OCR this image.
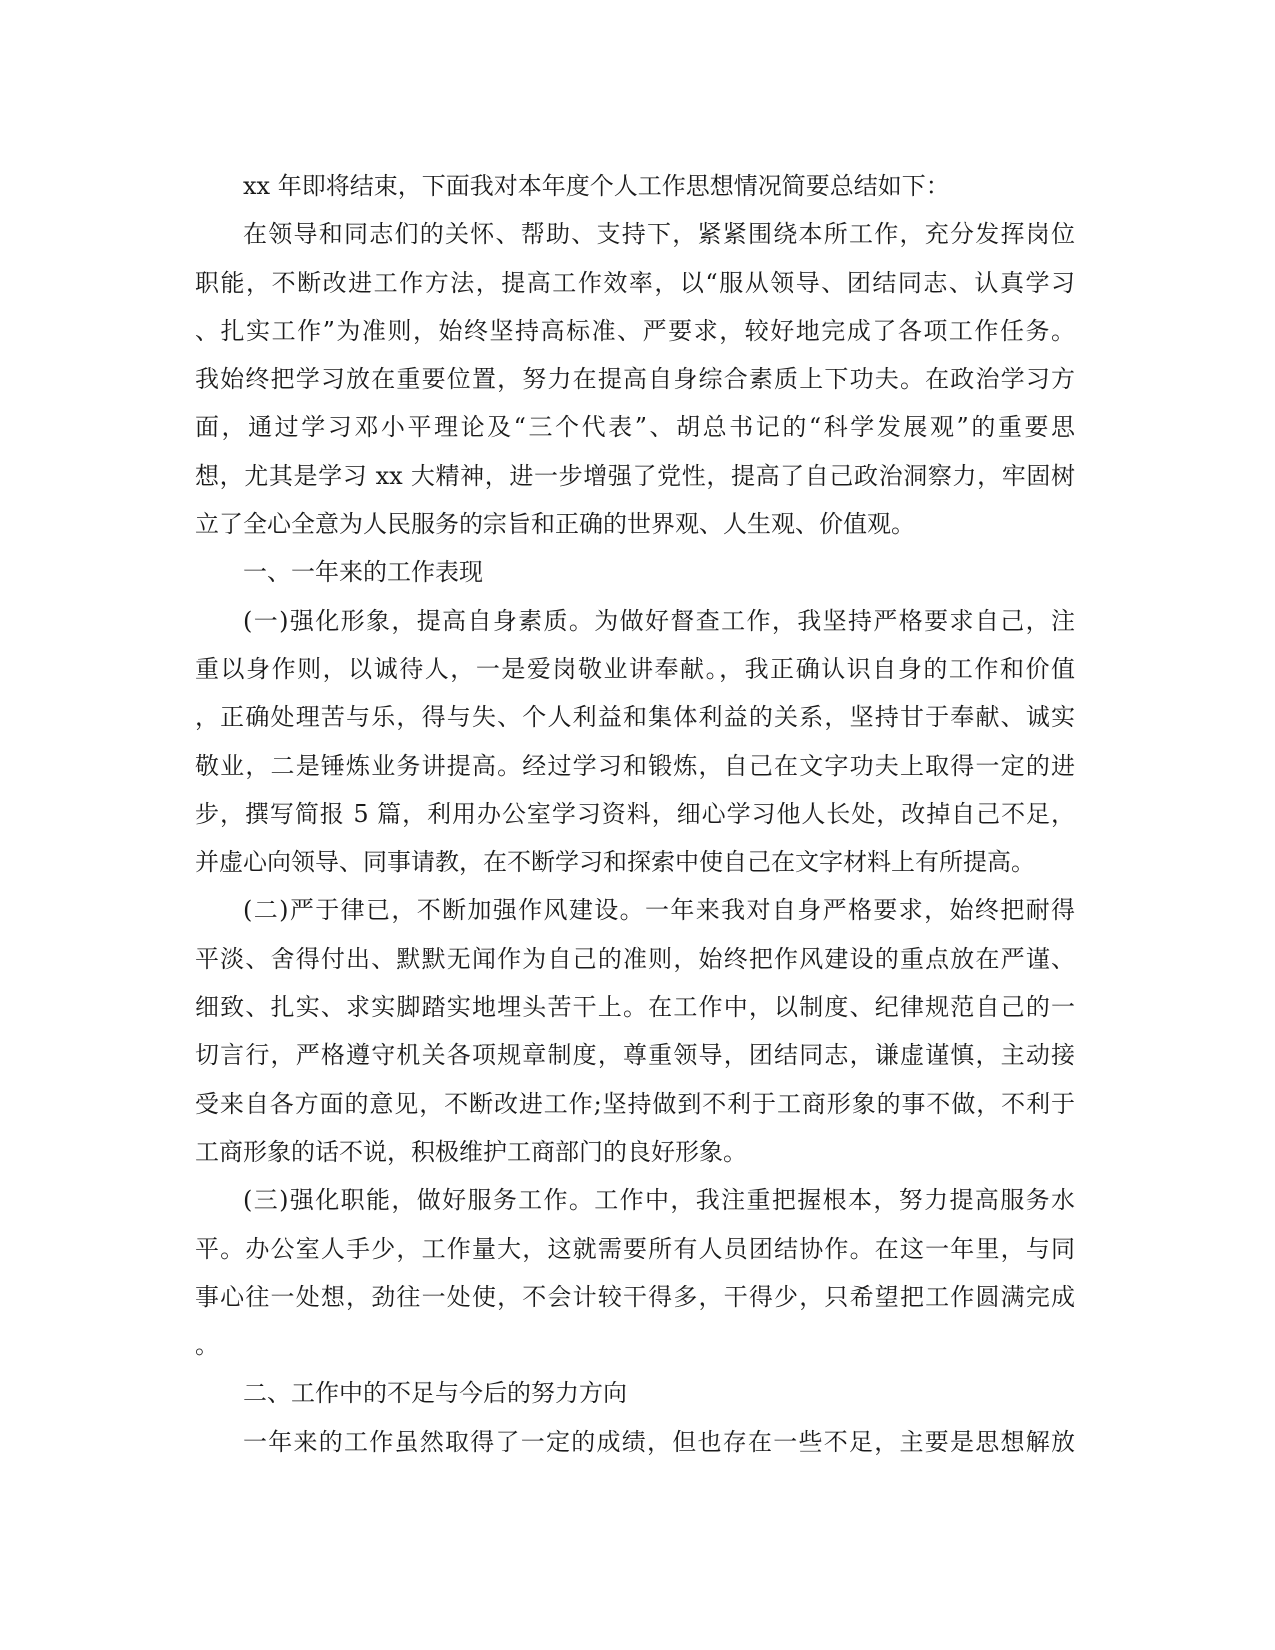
xx 年即将结束，下面我对本年度个人工作思想情况简要总结如下：
在领导和同志们的关怀、帮助、支持下，紧紧围绕本所工作，充分发挥岗位
职能，不断改进工作方法，提高工作效率，以“服从领导、团结同志、认真学习
、扎实工作”为准则，始终坚持高标准、严要求，较好地完成了各项工作任务。
我始终把学习放在重要位置，努力在提高自身综合素质上下功夫。在政治学习方
面，通过学习邓小平理论及“三个代表”、胡总书记的“科学发展观”的重要思
想，尤其是学习 xx 大精神，进一步增强了党性，提高了自己政治洞察力，牢固树
立了全心全意为人民服务的宗旨和正确的世界观、人生观、价值观。
一、一年来的工作表现
(一)强化形象，提高自身素质。为做好督查工作，我坚持严格要求自己，注
重以身作则，以诚待人，一是爱岗敬业讲奉献。，我正确认识自身的工作和价值
，正确处理苦与乐，得与失、个人利益和集体利益的关系，坚持甘于奉献、诚实
敬业，二是锤炼业务讲提高。经过学习和锻炼，自己在文字功夫上取得一定的进
步，撰写简报 5 篇，利用办公室学习资料，细心学习他人长处，改掉自己不足，
并虚心向领导、同事请教，在不断学习和探索中使自己在文字材料上有所提高。
(二)严于律已，不断加强作风建设。一年来我对自身严格要求，始终把耐得
平淡、舍得付出、默默无闻作为自己的准则，始终把作风建设的重点放在严谨、
细致、扎实、求实脚踏实地埋头苦干上。在工作中，以制度、纪律规范自己的一
切言行，严格遵守机关各项规章制度，尊重领导，团结同志，谦虚谨慎，主动接
受来自各方面的意见，不断改进工作;坚持做到不利于工商形象的事不做，不利于
工商形象的话不说，积极维护工商部门的良好形象。
(三)强化职能，做好服务工作。工作中，我注重把握根本，努力提高服务水
平。办公室人手少，工作量大，这就需要所有人员团结协作。在这一年里，与同
事心往一处想，劲往一处使，不会计较干得多，干得少，只希望把工作圆满完成
。
二、工作中的不足与今后的努力方向
一年来的工作虽然取得了一定的成绩，但也存在一些不足，主要是思想解放
